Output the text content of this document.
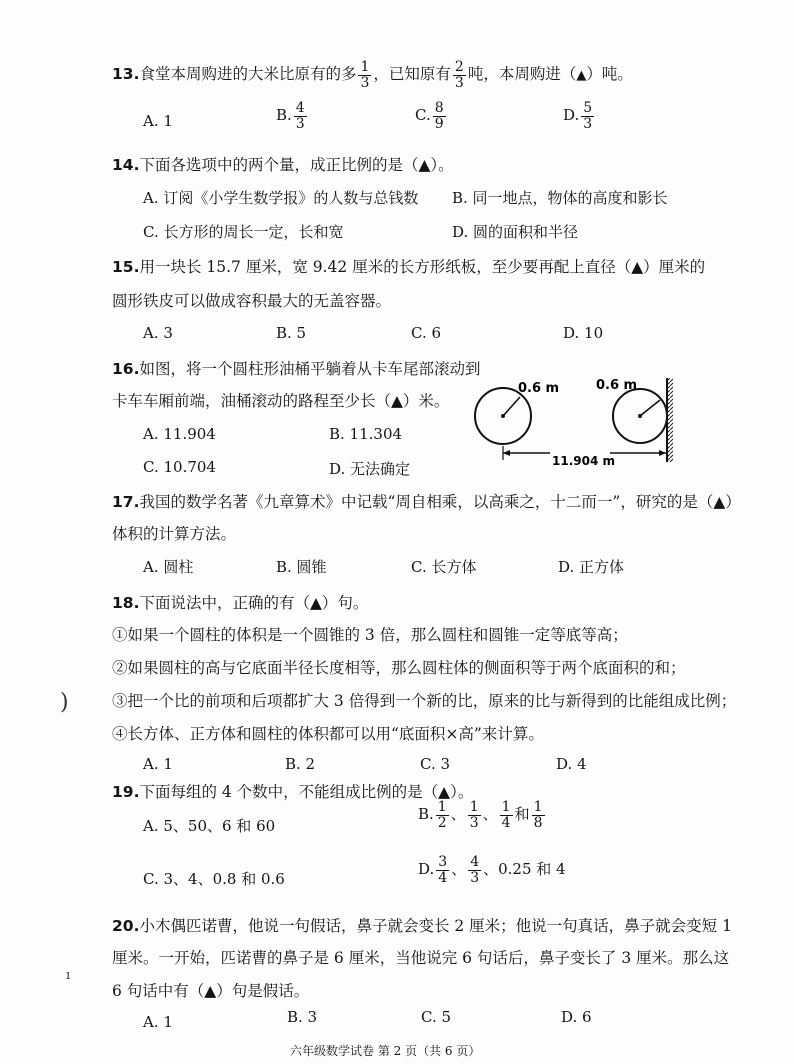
13.食堂本周购进的大米比原有的多 $\frac{1}{3}$ ，已知原有 $\frac{2}{3}$ 吨，本周购进（▲）吨。
A. 1	B. $\frac{4}{3}$	C. $\frac{8}{9}$	D. $\frac{5}{3}$
14.下面各选项中的两个量，成正比例的是（▲）。
A. 订阅《小学生数学报》的人数与总钱数 B. 同一地点，物体的高度和影长
C. 长方形的周长一定，长和宽	D. 圆的面积和半径
15.用一块长 15.7 厘米，宽 9.42 厘米的长方形纸板，至少要再配上直径（▲）厘米的
圆形铁皮可以做成容积最大的无盖容器。
A. 3	B. 5	C. 6	D. 10
16.如图，将一个圆柱形油桶平躺着从卡车尾部滚动到
卡车车厢前端，油桶滚动的路程至少长（▲）米。
A. 11.904	B. 11.304
C. 10.704	D. 无法确定
0.6 m	0.6 m
11.904 m
17.我国的数学名著《九章算术》中记载“周自相乘，以高乘之，十二而一”，研究的是（▲）
体积的计算方法。
A. 圆柱	B. 圆锥	C. 长方体	D. 正方体
18.下面说法中，正确的有（▲）句。
①如果一个圆柱的体积是一个圆锥的 3 倍，那么圆柱和圆锥一定等底等高；
②如果圆柱的高与它底面半径长度相等，那么圆柱体的侧面积等于两个底面积的和；
③把一个比的前项和后项都扩大 3 倍得到一个新的比，原来的比与新得到的比能组成比例；
④长方体、正方体和圆柱的体积都可以用“底面积×高”来计算。
A. 1	B. 2	C. 3	D. 4
19.下面每组的 4 个数中，不能组成比例的是（▲）。
A. 5、50、6 和 60
B. $\frac{1}{2}$ 、 $\frac{1}{3}$ 、 $\frac{1}{4}$ 和 $\frac{1}{8}$
C. 3、4、0.8 和 0.6
D. $\frac{3}{4}$ 、 $\frac{4}{3}$ 、0.25 和 4
20.小木偶匹诺曹，他说一句假话，鼻子就会变长 2 厘米；他说一句真话，鼻子就会变短 1
厘米。一开始，匹诺曹的鼻子是 6 厘米，当他说完 6 句话后，鼻子变长了 3 厘米。那么这
6 句话中有（▲）句是假话。
A. 1	B. 3	C. 5	D. 6
六年级数学试卷 第 2 页（共 6 页）
)
ı
